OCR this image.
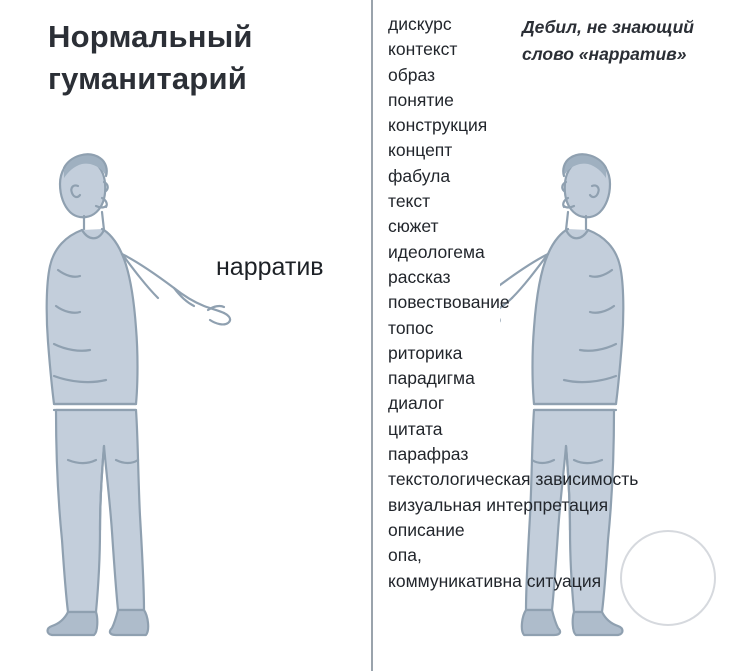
Нормальный гуманитарий
Дебил, не знающий слово «нарратив»
нарратив
дискурс
контекст
образ
понятие
конструкция
концепт
фабула
текст
сюжет
идеологема
рассказ
повествование
топос
риторика
парадигма
диалог
цитата
парафраз
текстологическая зависимость
визуальная интерпретация
описание
опа,
коммуникативна ситуация
